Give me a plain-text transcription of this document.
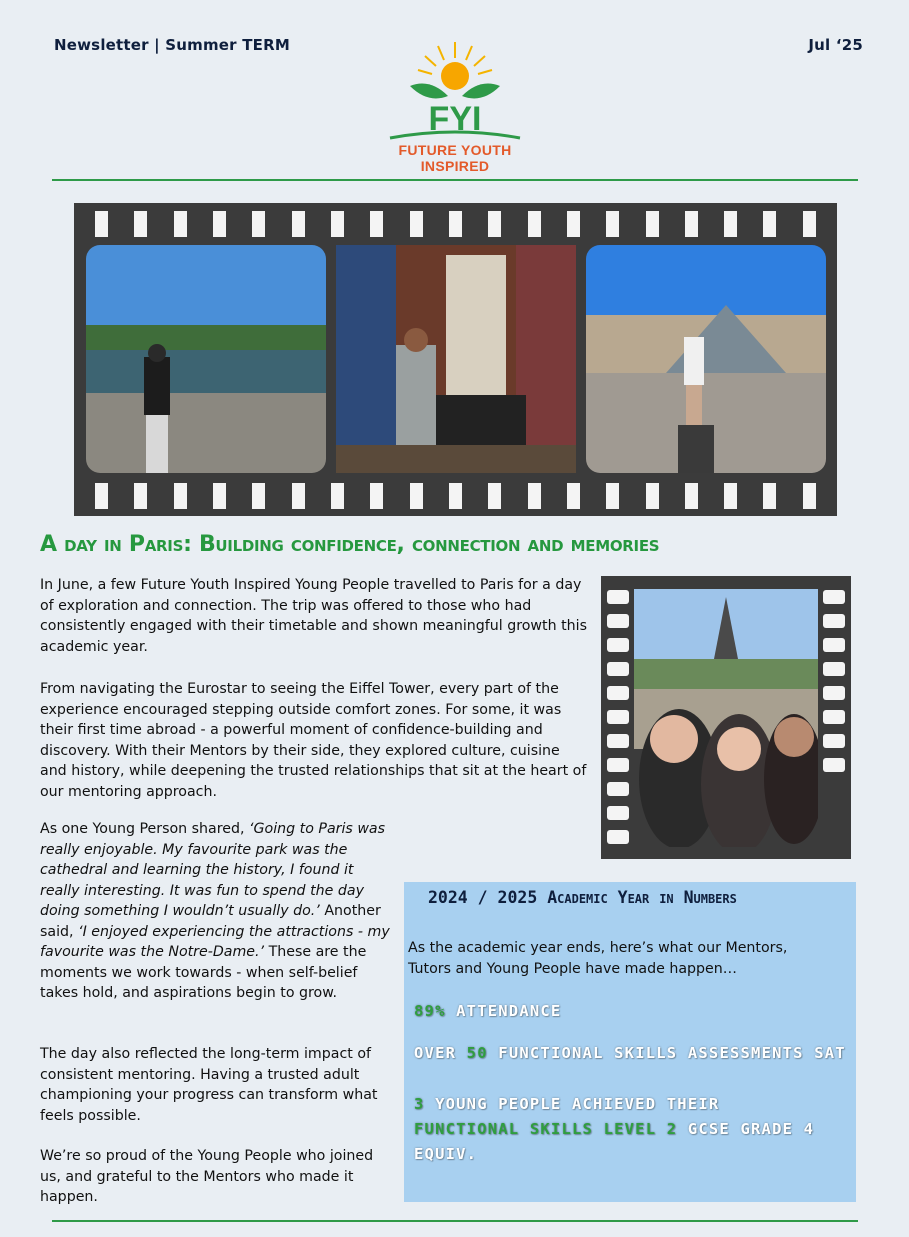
Newsletter | Summer TERM	Jul ‘25
FYI
FUTURE YOUTH INSPIRED
A day in Paris: Building confidence, connection and memories
In June, a few Future Youth Inspired Young People travelled to Paris for a day of exploration and connection. The trip was offered to those who had consistently engaged with their timetable and shown meaningful growth this academic year.
From navigating the Eurostar to seeing the Eiffel Tower, every part of the experience encouraged stepping outside comfort zones. For some, it was their first time abroad - a powerful moment of confidence-building and discovery. With their Mentors by their side, they explored culture, cuisine and history, while deepening the trusted relationships that sit at the heart of our mentoring approach.
As one Young Person shared, ‘Going to Paris was really enjoyable. My favourite park was the cathedral and learning the history, I found it really interesting. It was fun to spend the day doing something I wouldn’t usually do.’ Another said, ‘I enjoyed experiencing the attractions - my favourite was the Notre-Dame.’ These are the moments we work towards - when self-belief takes hold, and aspirations begin to grow.
The day also reflected the long-term impact of consistent mentoring. Having a trusted adult championing your progress can transform what feels possible.
We’re so proud of the Young People who joined us, and grateful to the Mentors who made it happen.
2024 / 2025 Academic Year in Numbers
As the academic year ends, here’s what our Mentors, Tutors and Young People have made happen…
89% ATTENDANCE
OVER 50 FUNCTIONAL SKILLS ASSESSMENTS SAT
3 YOUNG PEOPLE ACHIEVED THEIR FUNCTIONAL SKILLS LEVEL 2 GCSE GRADE 4 EQUIV.
